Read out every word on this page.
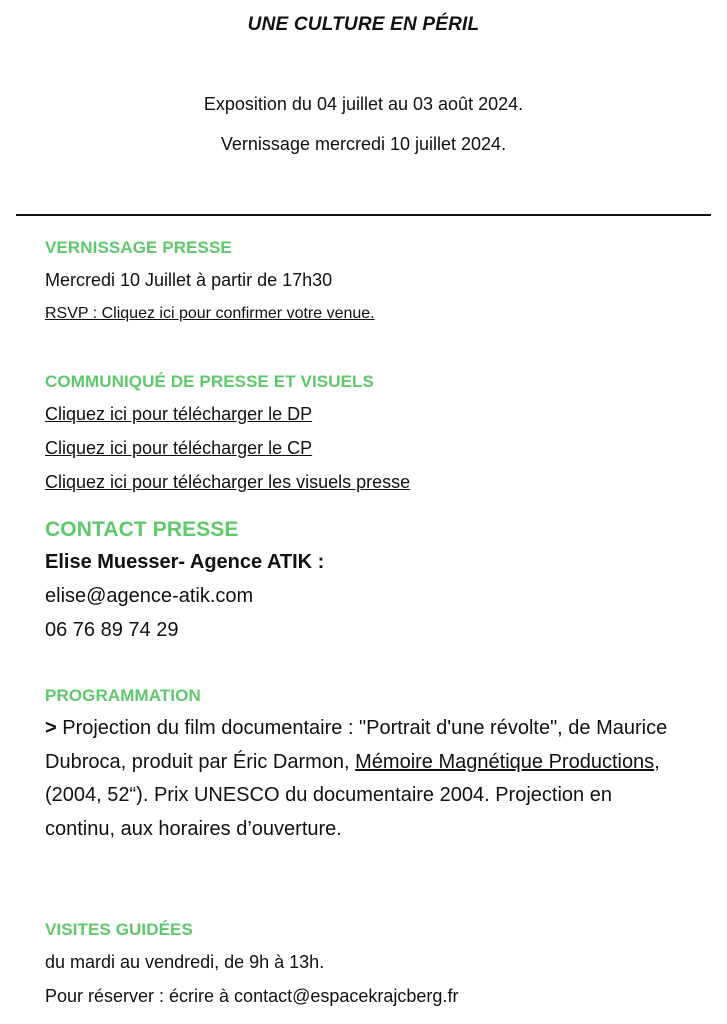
UNE CULTURE EN PÉRIL
Exposition du 04 juillet au 03 août 2024.
Vernissage mercredi 10 juillet 2024.
VERNISSAGE PRESSE
Mercredi 10 Juillet à partir de 17h30
RSVP : Cliquez ici pour confirmer votre venue.
COMMUNIQUÉ DE PRESSE ET VISUELS
Cliquez ici pour télécharger le DP
Cliquez ici pour télécharger le CP
Cliquez ici pour télécharger les visuels presse
CONTACT PRESSE
Elise Muesser- Agence ATIK :
elise@agence-atik.com
06 76 89 74 29
PROGRAMMATION
> Projection du film documentaire : "Portrait d'une révolte", de Maurice Dubroca, produit par Éric Darmon, Mémoire Magnétique Productions, (2004, 52“). Prix UNESCO du documentaire 2004. Projection en continu, aux horaires d’ouverture.
VISITES GUIDÉES
du mardi au vendredi, de 9h à 13h.
Pour réserver : écrire à contact@espacekrajcberg.fr
